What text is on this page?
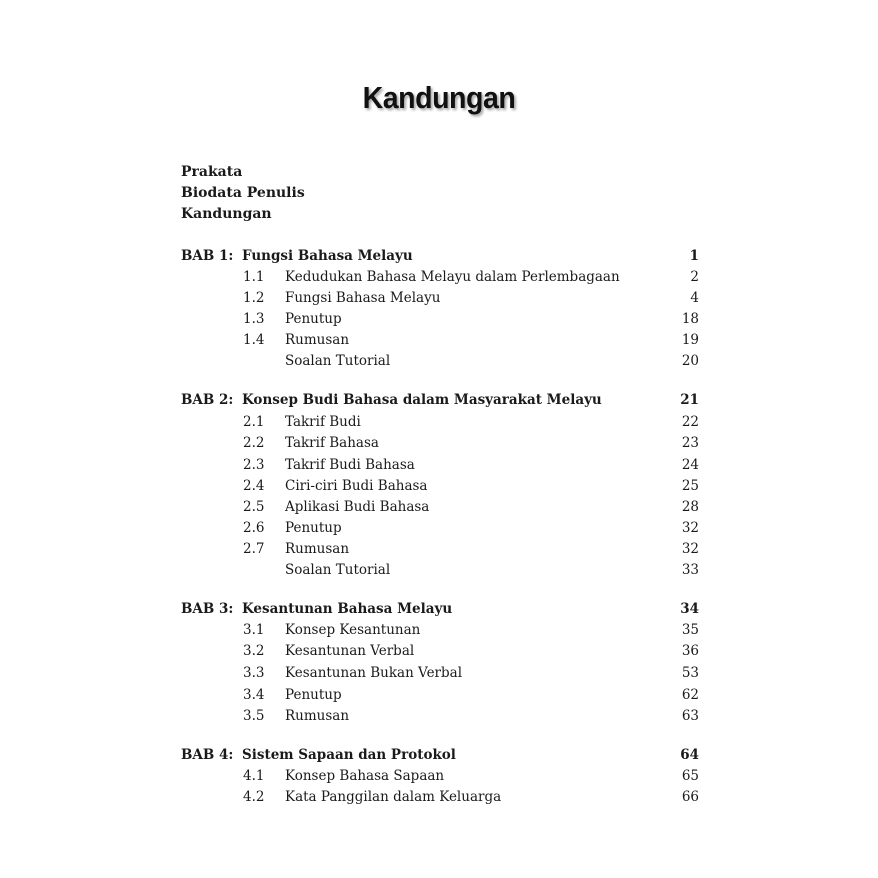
Kandungan
Prakata
Biodata Penulis
Kandungan
BAB 1: Fungsi Bahasa Melayu	1
1.1 Kedudukan Bahasa Melayu dalam Perlembagaan	2
1.2 Fungsi Bahasa Melayu	4
1.3 Penutup	18
1.4 Rumusan	19
Soalan Tutorial	20
BAB 2: Konsep Budi Bahasa dalam Masyarakat Melayu	21
2.1 Takrif Budi	22
2.2 Takrif Bahasa	23
2.3 Takrif Budi Bahasa	24
2.4 Ciri-ciri Budi Bahasa	25
2.5 Aplikasi Budi Bahasa	28
2.6 Penutup	32
2.7 Rumusan	32
Soalan Tutorial	33
BAB 3: Kesantunan Bahasa Melayu	34
3.1 Konsep Kesantunan	35
3.2 Kesantunan Verbal	36
3.3 Kesantunan Bukan Verbal	53
3.4 Penutup	62
3.5 Rumusan	63
BAB 4: Sistem Sapaan dan Protokol	64
4.1 Konsep Bahasa Sapaan	65
4.2 Kata Panggilan dalam Keluarga	66
